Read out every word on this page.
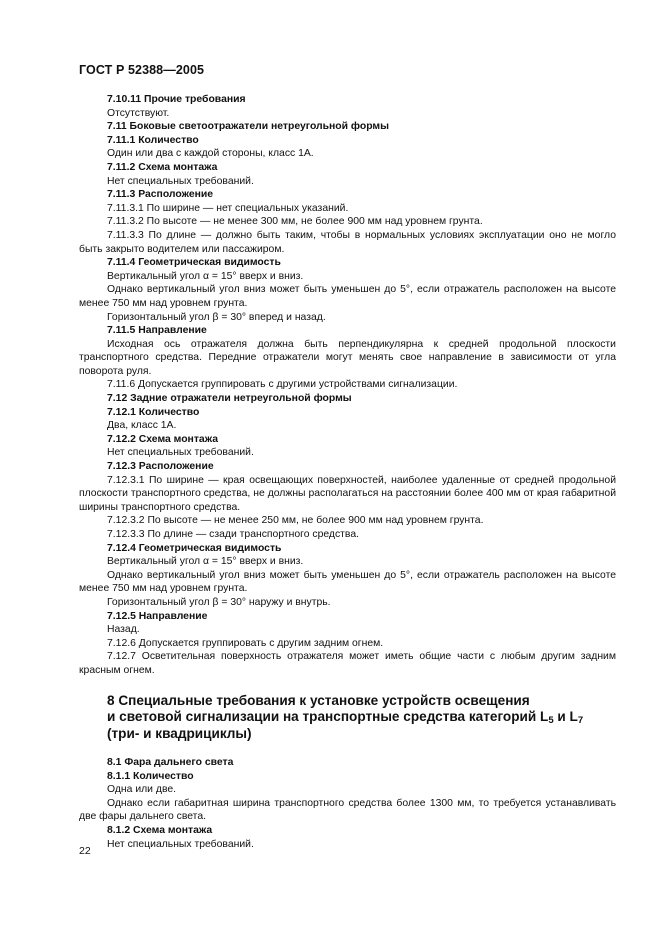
ГОСТ Р 52388—2005

7.10.11 Прочие требования

Отсутствуют.

7.11 Боковые светоотражатели нетреугольной формы

7.11.1 Количество

Один или два с каждой стороны, класс 1А.

7.11.2 Схема монтажа

Нет специальных требований.

7.11.3 Расположение

7.11.3.1 По ширине — нет специальных указаний.

7.11.3.2 По высоте — не менее 300 мм, не более 900 мм над уровнем грунта.

7.11.3.3 По длине — должно быть таким, чтобы в нормальных условиях эксплуатации оно не могло быть закрыто водителем или пассажиром.

7.11.4 Геометрическая видимость

Вертикальный угол α = 15° вверх и вниз.

Однако вертикальный угол вниз может быть уменьшен до 5°, если отражатель расположен на высоте менее 750 мм над уровнем грунта.

Горизонтальный угол β = 30° вперед и назад.

7.11.5 Направление

Исходная ось отражателя должна быть перпендикулярна к средней продольной плоскости транспортного средства. Передние отражатели могут менять свое направление в зависимости от угла поворота руля.

7.11.6 Допускается группировать с другими устройствами сигнализации.

7.12 Задние отражатели нетреугольной формы

7.12.1 Количество

Два, класс 1А.

7.12.2 Схема монтажа

Нет специальных требований.

7.12.3 Расположение

7.12.3.1 По ширине — края освещающих поверхностей, наиболее удаленные от средней продольной плоскости транспортного средства, не должны располагаться на расстоянии более 400 мм от края габаритной ширины транспортного средства.

7.12.3.2 По высоте — не менее 250 мм, не более 900 мм над уровнем грунта.

7.12.3.3 По длине — сзади транспортного средства.

7.12.4 Геометрическая видимость

Вертикальный угол α = 15° вверх и вниз.

Однако вертикальный угол вниз может быть уменьшен до 5°, если отражатель расположен на высоте менее 750 мм над уровнем грунта.

Горизонтальный угол β = 30° наружу и внутрь.

7.12.5 Направление

Назад.

7.12.6 Допускается группировать с другим задним огнем.

7.12.7 Осветительная поверхность отражателя может иметь общие части с любым другим задним красным огнем.

8 Специальные требования к установке устройств освещения
и световой сигнализации на транспортные средства категорий $L_5$ и $L_7$
(три- и квадрициклы)

8.1 Фара дальнего света

8.1.1 Количество

Одна или две.

Однако если габаритная ширина транспортного средства более 1300 мм, то требуется устанавливать две фары дальнего света.

8.1.2 Схема монтажа

Нет специальных требований.

22
